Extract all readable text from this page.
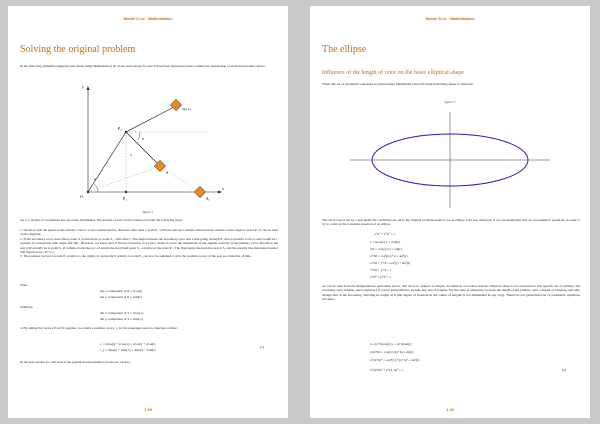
Model S-ex · Mathematics
Solving the original problem
In the following simplified diagram (also made using Mathematica) all of the seats except for seat S have been ignored in order to make the explanation of its motion in time clearer.
y
x
O
P₁
P₂
α
θ
h
S
Sₓ
S(x,y)
figure 2
An x-y system of coordinates has also been established. The motion of seat can be worked out from the following steps:

1. We know that the speed of the primary rotor is 1 rad/s anticlockwise, therefore after time t, point P₁ will have moved t radians anticlockwise relative to the origin to point P₂ as can be seen on the diagram.

2. If the secondary rotor were fixed, point S would move to point S₂ₓ after time t. The angle between the secondary rotor and a line going through P₂ that is parallel to the x-axis would be t, because it corresponds with angle ∠P₁OP₂. However, we know that it moves clockwise at 2 rad/s, which is twice the magnitude of the angular velocity of the primary rotor. Therefore the seat will actually be at point S. 2t radians clockwise (or -2t anticlockwise) from point S₂ₓ, relative to the point P₂. The final angle between the seat at S, and the parallel line mentioned earlier will therefore be -2t+t=-t.

3. The position vectors of point P₂ relative to the origin, O, and point S relative to point P₂ can now be summed to give the position vector of the seat as a function of time.

Thus,
the x-component of P = 4cos(t)
the y-component of P = 4sin(t)
Similarly,
the x-component of S = 2cos(-t)
the y-component of S = 2sin(-t)
4. By adding the vectors P and S together, we obtain a position vector, r, for the passenger seat as a function of time:
rₓ = 4cos(t) + 2cos(-t) = 4cos(t) + 2cos(t)
r_y = 4sin(t) + 2sin(-t) = 4sin(t) − 2sin(t)
(1)
In the next section we will look at the graphical representation of the two vectors.
1 39
Model S-ex · Mathematics
The ellipse
Influence of the length of rotor on the basic elliptical shape
When this set of parametric equations is plotted using Mathematica the following interesting shape is observed:
figure 3
The curve traced out by a seat under the conditions set out in the original problem seems to be an ellipse. Let's see, therefore, if we can manipulate this set of parametric equations in order to try to arrive at the Cartesian equation of an ellipse,
x²/a² + y²/b² = 1
x = 6cos(t) y = 2sin(t)
x/6 = cos(t) y/2 = sin(t)
x²/36 = cos²(t) y²/4 = sin²(t)
x²/36 + y²/4 = cos²(t) + sin²(t)
x²/36 + y²/4 = 1
x²/6² + y²/2² = 1
As can be seen from the manipulations performed above, this curve is, indeed, an ellipse. In addition, we realize that the elliptical shape is not restricted to this specific set of primary and secondary rotor lengths, since equation (1) can be generalized to include any sets of lengths. For the sake of simplicity we keep the length of the primary rotor constant at 4 metres, and only change that of the secondary, denoting its length as h (the degree of freedom in the values of lengths is not diminished in any way). Therefore our generalized set of parametric equations becomes:
x = (4+h)cos(t) y = (4−h)sin(t)
x/(4+h) = cos(t) y/(4−h) = sin(t)
x²/(4+h)² = cos²(t) y²/(4−h)² = sin²(t)
x²/(4+h)² + y²/(4−h)² = 1	(2)
1 40
